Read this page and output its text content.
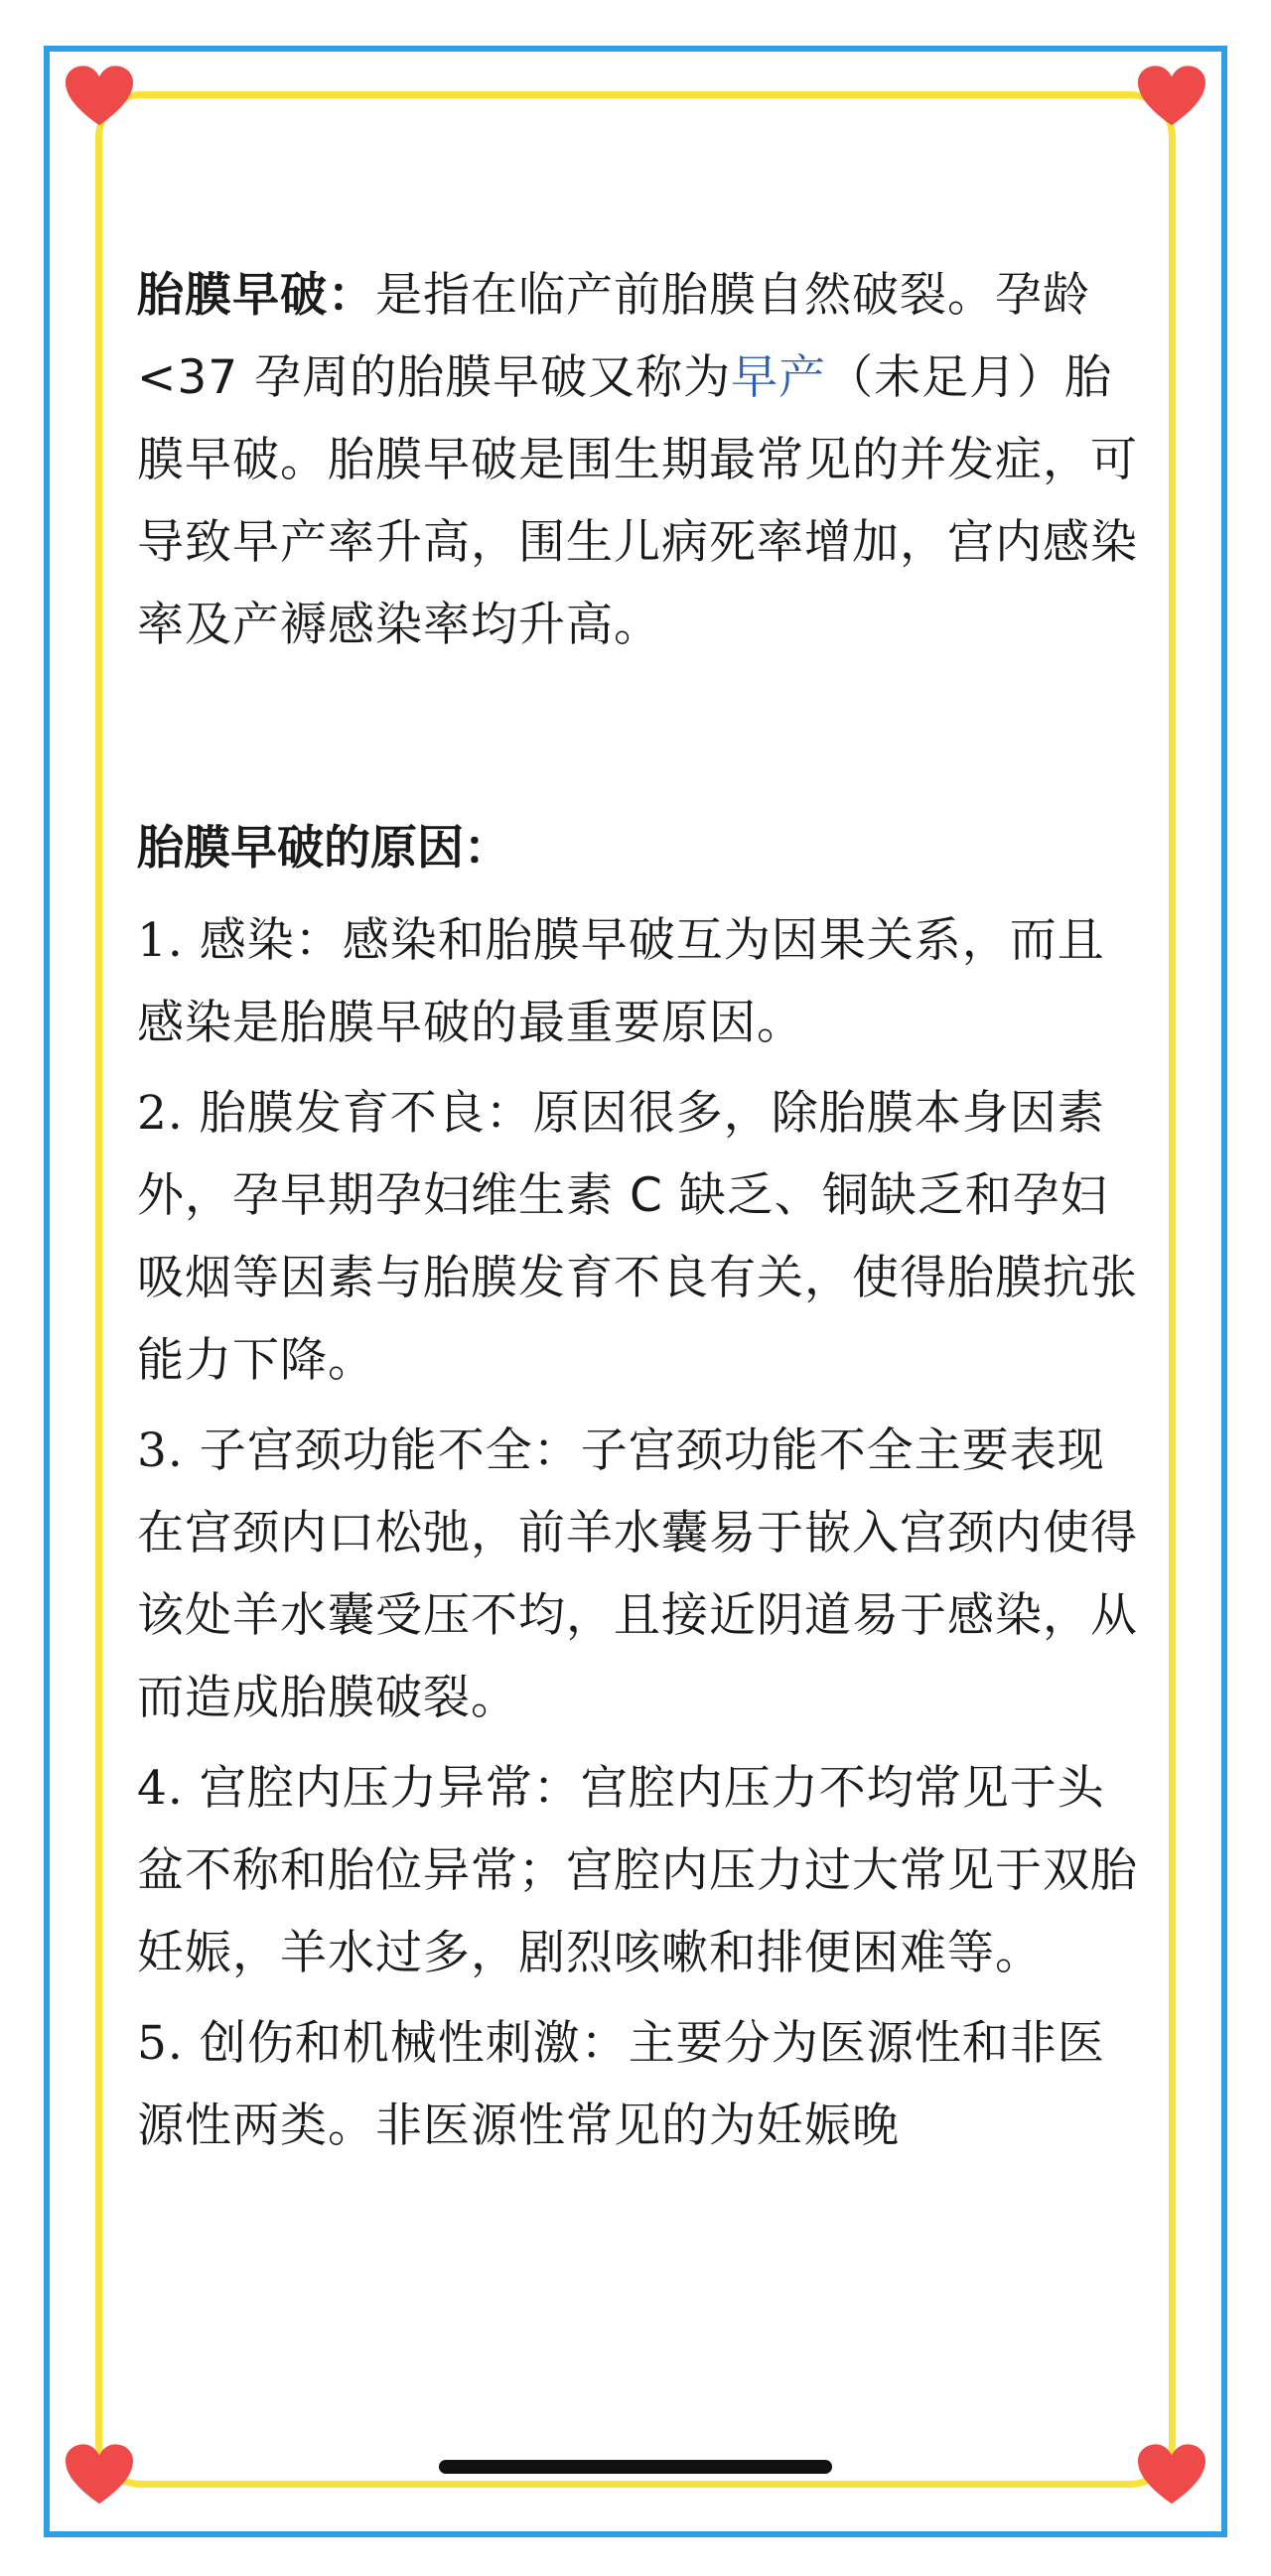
胎膜早破：是指在临产前胎膜自然破裂。孕龄<37 孕周的胎膜早破又称为早产（未足月）胎膜早破。胎膜早破是围生期最常见的并发症，可导致早产率升高，围生儿病死率增加，宫内感染率及产褥感染率均升高。

胎膜早破的原因：

1. 感染：感染和胎膜早破互为因果关系，而且感染是胎膜早破的最重要原因。

2. 胎膜发育不良：原因很多，除胎膜本身因素外，孕早期孕妇维生素 C 缺乏、铜缺乏和孕妇吸烟等因素与胎膜发育不良有关，使得胎膜抗张能力下降。

3. 子宫颈功能不全：子宫颈功能不全主要表现在宫颈内口松弛，前羊水囊易于嵌入宫颈内使得该处羊水囊受压不均，且接近阴道易于感染，从而造成胎膜破裂。

4. 宫腔内压力异常：宫腔内压力不均常见于头盆不称和胎位异常；宫腔内压力过大常见于双胎妊娠，羊水过多，剧烈咳嗽和排便困难等。

5. 创伤和机械性刺激：主要分为医源性和非医源性两类。非医源性常见的为妊娠晚
